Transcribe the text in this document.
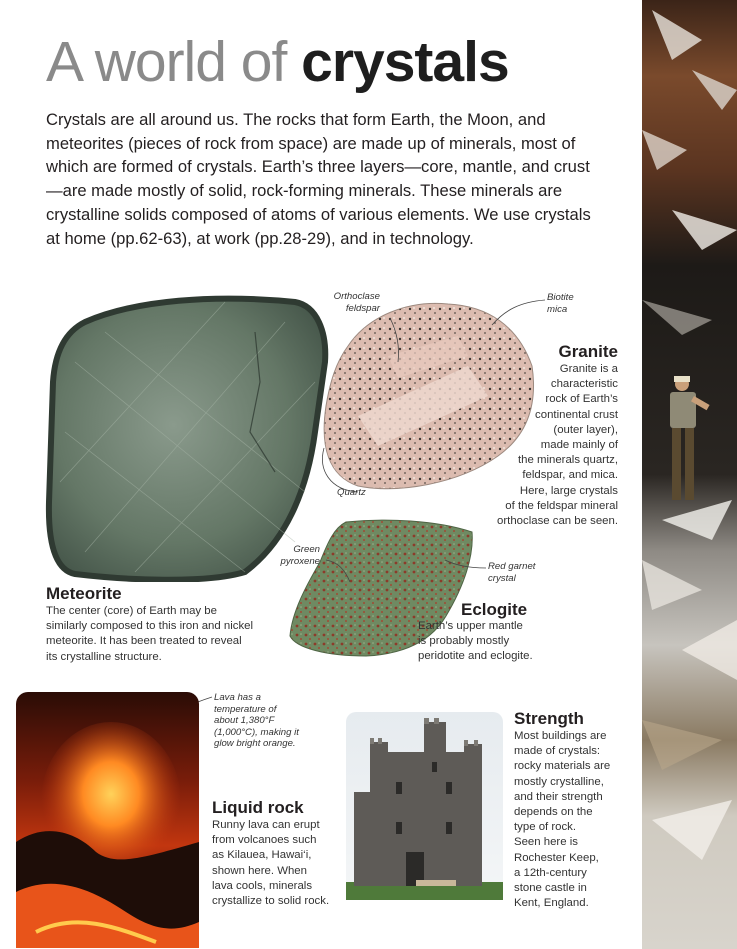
A world of crystals
Crystals are all around us. The rocks that form Earth, the Moon, and meteorites (pieces of rock from space) are made up of minerals, most of which are formed of crystals. Earth’s three layers—core, mantle, and crust—are made mostly of solid, rock-forming minerals. These minerals are crystalline solids composed of atoms of various elements. We use crystals at home (pp.62-63), at work (pp.28-29), and in technology.
Orthoclase
feldspar
Biotite
mica
Quartz
Granite
Granite is a
characteristic
rock of Earth’s
continental crust
(outer layer),
made mainly of
the minerals quartz,
feldspar, and mica.
Here, large crystals
of the feldspar mineral
orthoclase can be seen.
Green
pyroxene	Red garnet
crystal
Eclogite
Earth’s upper mantle
is probably mostly
peridotite and eclogite.
Meteorite
The center (core) of Earth may be similarly composed to this iron and nickel meteorite. It has been treated to reveal its crystalline structure.
Lava has a
temperature of
about 1,380°F
(1,000°C), making it
glow bright orange.
Liquid rock
Runny lava can erupt
from volcanoes such
as Kilauea, Hawai‘i,
shown here. When
lava cools, minerals
crystallize to solid rock.
Strength
Most buildings are
made of crystals:
rocky materials are
mostly crystalline,
and their strength
depends on the
type of rock.
Seen here is
Rochester Keep,
a 12th-century
stone castle in
Kent, England.
